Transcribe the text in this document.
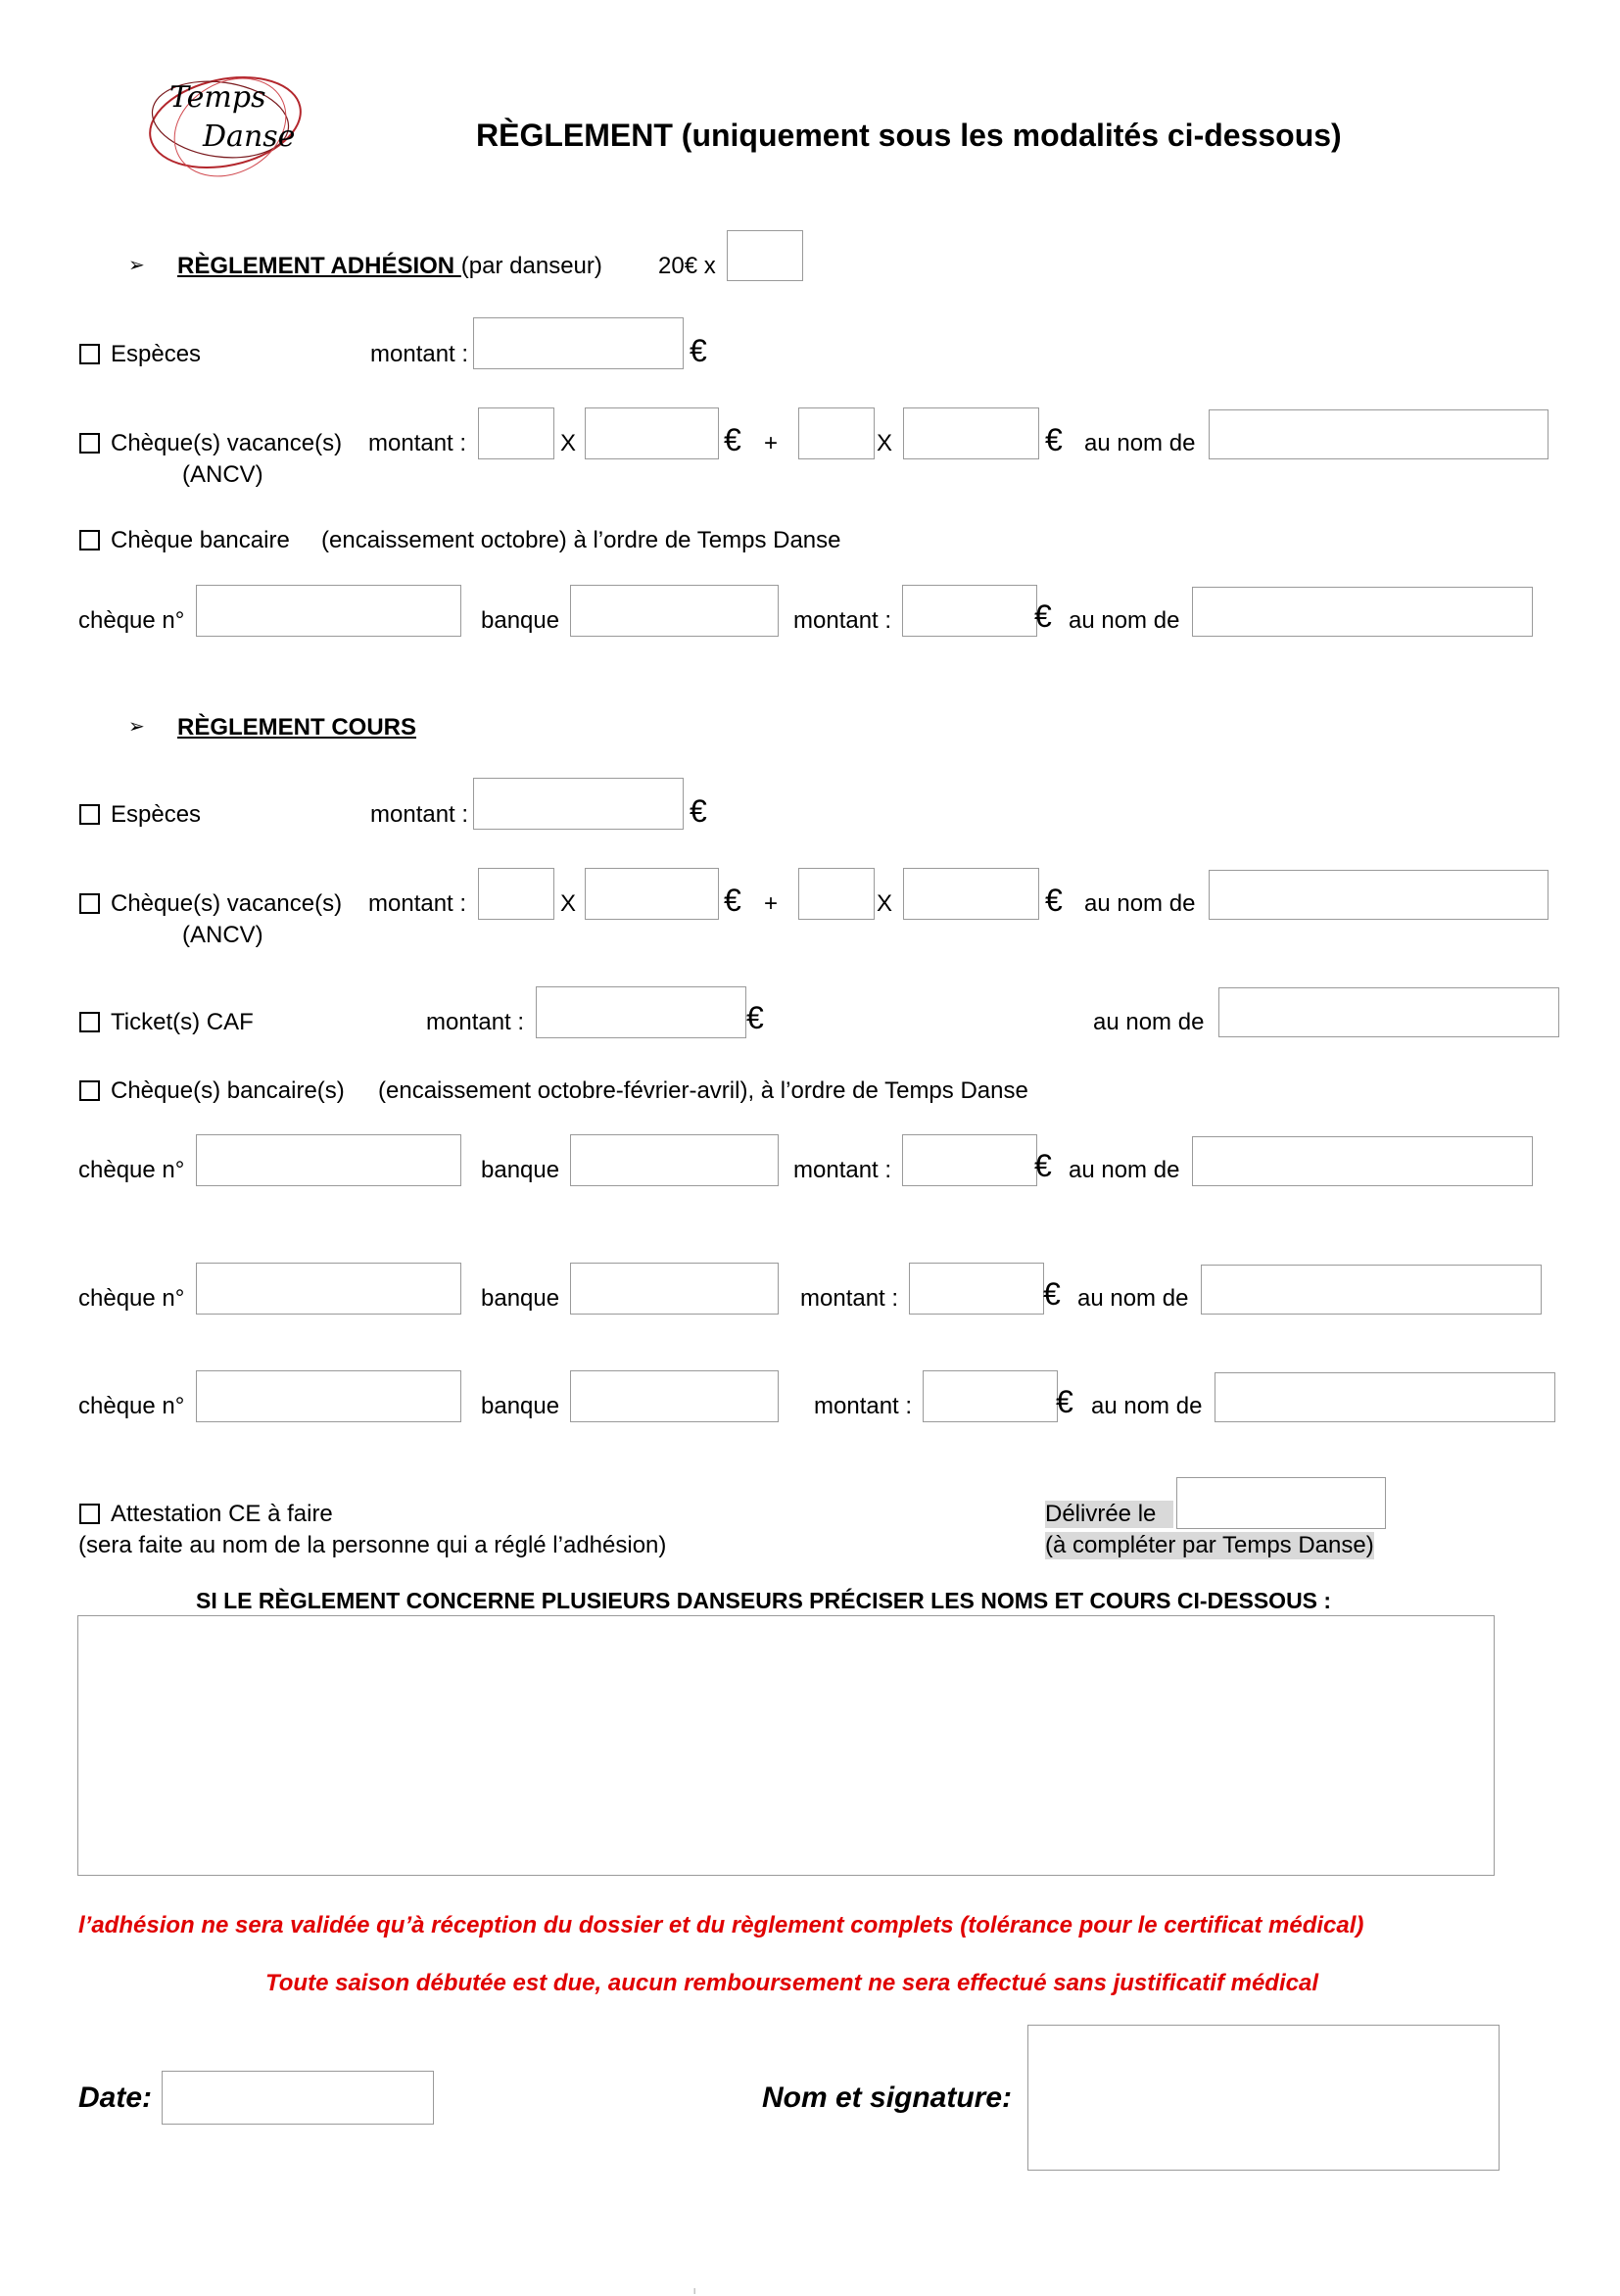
Temps
Danse	RÈGLEMENT (uniquement sous les modalités ci-dessous)
➢ RÈGLEMENT ADHÉSION (par danseur) 20€ x
Espèces	montant :	€
Chèque(s) vacance(s)
(ANCV)
montant :	X	€ +	X	€ au nom de
Chèque bancaire (encaissement octobre) à l’ordre de Temps Danse
chèque n°	banque	montant :	€ au nom de
➢ RÈGLEMENT COURS
Espèces	montant :	€
Chèque(s) vacance(s)
(ANCV)
montant :	X	€ +	X	€ au nom de
Ticket(s) CAF	montant :	€	au nom de
Chèque(s) bancaire(s) (encaissement octobre-février-avril), à l’ordre de Temps Danse
chèque n°	banque	montant :	€ au nom de
chèque n°	banque	montant :	€ au nom de
chèque n°	banque	montant :	€ au nom de
Attestation CE à faire
(sera faite au nom de la personne qui a réglé l’adhésion)
Délivrée le
(à compléter par Temps Danse)
SI LE RÈGLEMENT CONCERNE PLUSIEURS DANSEURS PRÉCISER LES NOMS ET COURS CI-DESSOUS :
l’adhésion ne sera validée qu’à réception du dossier et du règlement complets (tolérance pour le certificat médical)
Toute saison débutée est due, aucun remboursement ne sera effectué sans justificatif médical
Date:	Nom et signature:
I
